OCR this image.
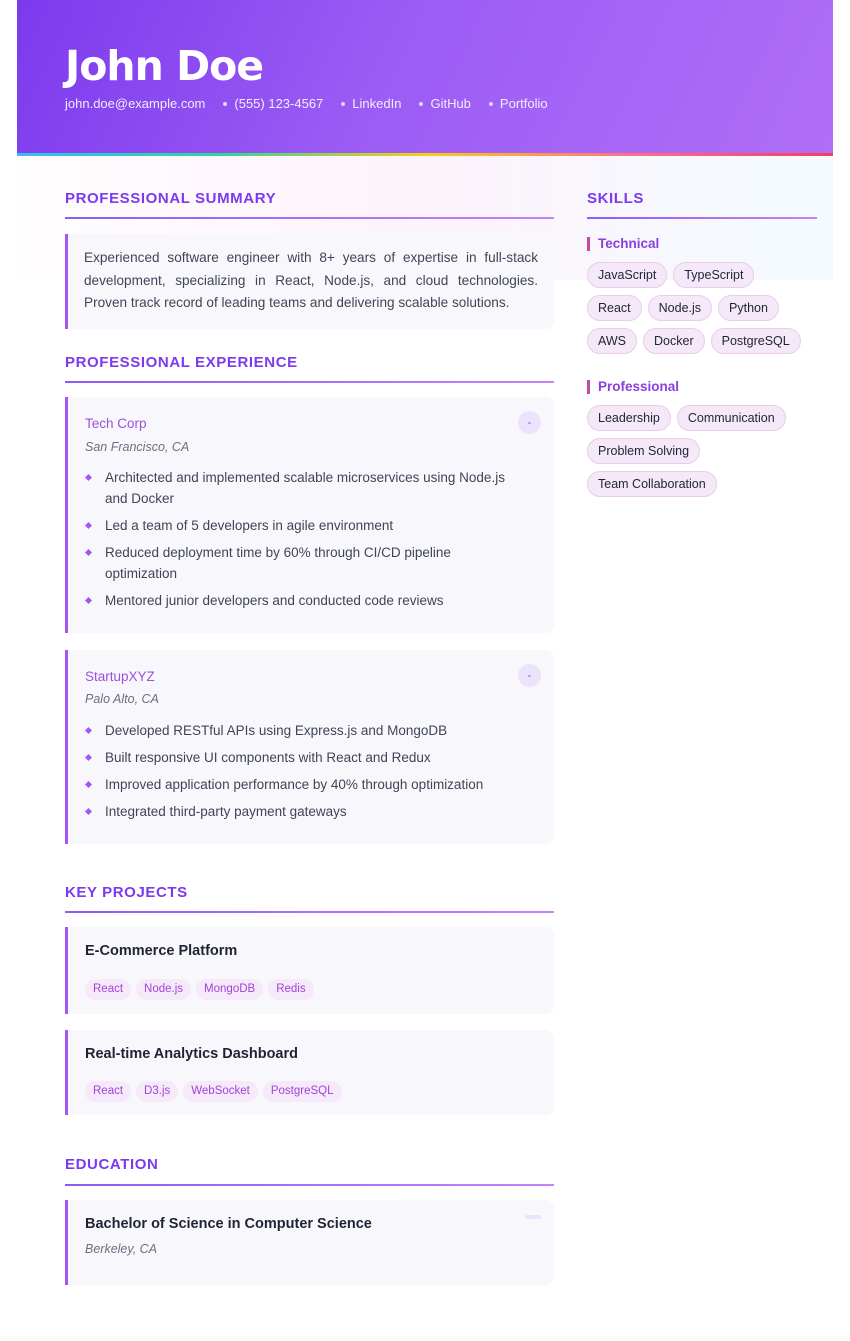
John Doe
john.doe@example.com (555) 123-4567 LinkedIn GitHub Portfolio
PROFESSIONAL SUMMARY

Experienced software engineer with 8+ years of expertise in full-stack development, specializing in React, Node.js, and cloud technologies. Proven track record of leading teams and delivering scalable solutions.

PROFESSIONAL EXPERIENCE
Tech Corp	-
San Francisco, CA
Architected and implemented scalable microservices using Node.js and Docker
Led a team of 5 developers in agile environment
Reduced deployment time by 60% through CI/CD pipeline optimization
Mentored junior developers and conducted code reviews
StartupXYZ	-
Palo Alto, CA
Developed RESTful APIs using Express.js and MongoDB
Built responsive UI components with React and Redux
Improved application performance by 40% through optimization
Integrated third-party payment gateways
KEY PROJECTS
E-Commerce Platform
React	Node.js	MongoDB	Redis
Real-time Analytics Dashboard
React	D3.js	WebSocket	PostgreSQL
EDUCATION
Bachelor of Science in Computer Science
Berkeley, CA
SKILLS
Technical
JavaScript	TypeScript
React	Node.js	Python
AWS	Docker	PostgreSQL
Professional
Leadership	Communication
Problem Solving
Team Collaboration
